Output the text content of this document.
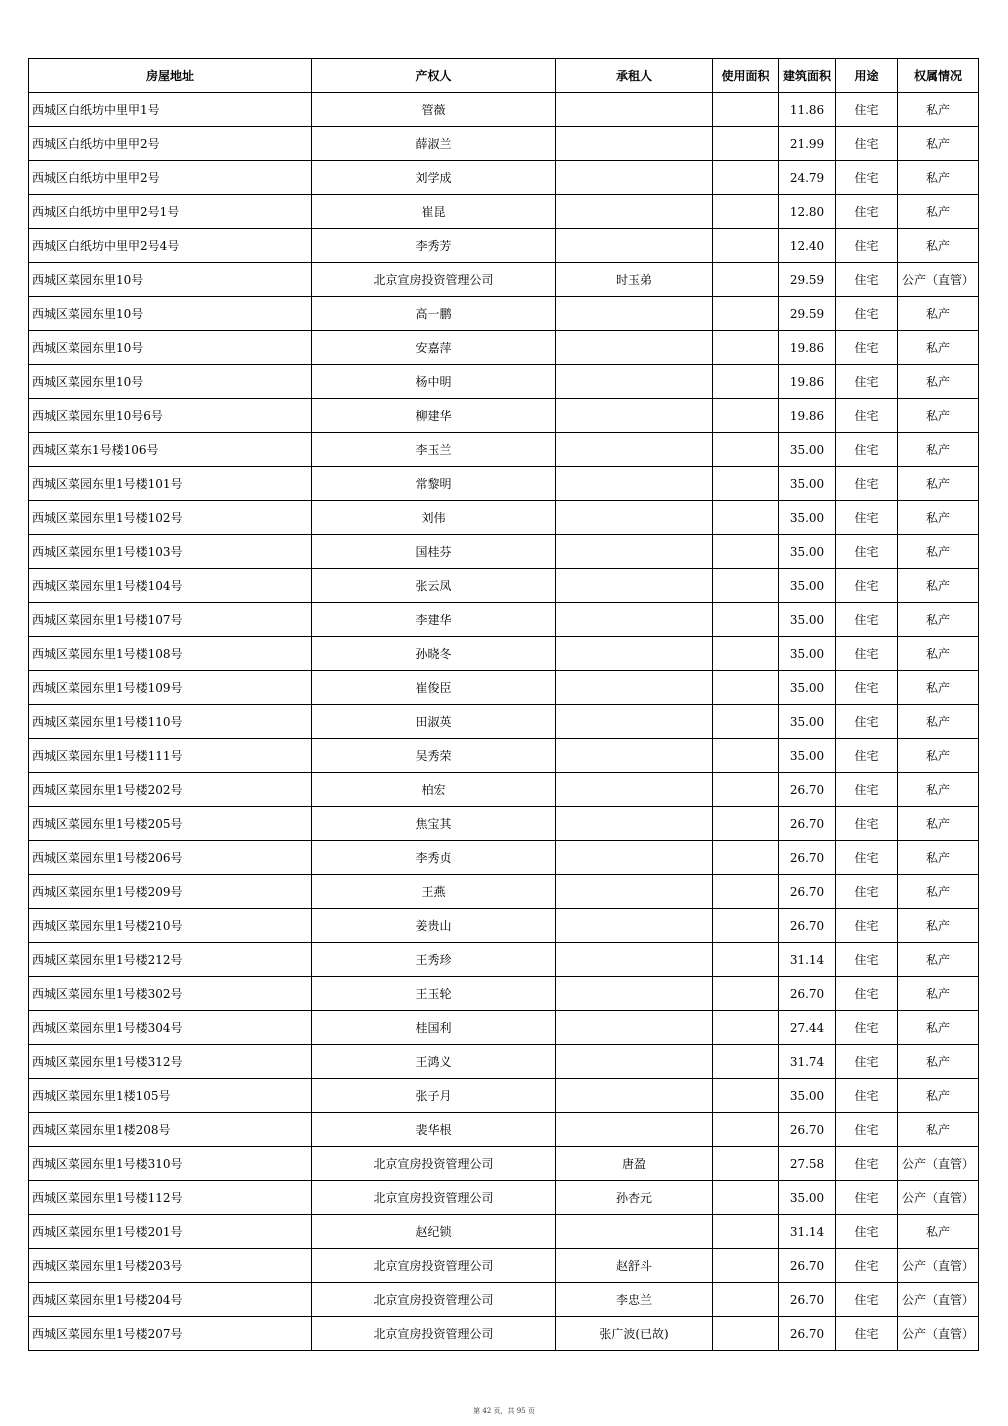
房屋地址	产权人	承租人	使用面积	建筑面积	用途	权属情况
西城区白纸坊中里甲1号	管薇			11.86	住宅	私产
西城区白纸坊中里甲2号	薛淑兰			21.99	住宅	私产
西城区白纸坊中里甲2号	刘学成			24.79	住宅	私产
西城区白纸坊中里甲2号1号	崔昆			12.80	住宅	私产
西城区白纸坊中里甲2号4号	李秀芳			12.40	住宅	私产
西城区菜园东里10号	北京宣房投资管理公司	时玉弟		29.59	住宅	公产（直管）
西城区菜园东里10号	高一鹏			29.59	住宅	私产
西城区菜园东里10号	安嘉萍			19.86	住宅	私产
西城区菜园东里10号	杨中明			19.86	住宅	私产
西城区菜园东里10号6号	柳建华			19.86	住宅	私产
西城区菜东1号楼106号	李玉兰			35.00	住宅	私产
西城区菜园东里1号楼101号	常黎明			35.00	住宅	私产
西城区菜园东里1号楼102号	刘伟			35.00	住宅	私产
西城区菜园东里1号楼103号	国桂芬			35.00	住宅	私产
西城区菜园东里1号楼104号	张云凤			35.00	住宅	私产
西城区菜园东里1号楼107号	李建华			35.00	住宅	私产
西城区菜园东里1号楼108号	孙晓冬			35.00	住宅	私产
西城区菜园东里1号楼109号	崔俊臣			35.00	住宅	私产
西城区菜园东里1号楼110号	田淑英			35.00	住宅	私产
西城区菜园东里1号楼111号	吴秀荣			35.00	住宅	私产
西城区菜园东里1号楼202号	柏宏			26.70	住宅	私产
西城区菜园东里1号楼205号	焦宝其			26.70	住宅	私产
西城区菜园东里1号楼206号	李秀贞			26.70	住宅	私产
西城区菜园东里1号楼209号	王燕			26.70	住宅	私产
西城区菜园东里1号楼210号	姜贵山			26.70	住宅	私产
西城区菜园东里1号楼212号	王秀珍			31.14	住宅	私产
西城区菜园东里1号楼302号	王玉轮			26.70	住宅	私产
西城区菜园东里1号楼304号	桂国利			27.44	住宅	私产
西城区菜园东里1号楼312号	王鸿义			31.74	住宅	私产
西城区菜园东里1楼105号	张子月			35.00	住宅	私产
西城区菜园东里1楼208号	裴华根			26.70	住宅	私产
西城区菜园东里1号楼310号	北京宣房投资管理公司	唐盈		27.58	住宅	公产（直管）
西城区菜园东里1号楼112号	北京宣房投资管理公司	孙杏元		35.00	住宅	公产（直管）
西城区菜园东里1号楼201号	赵纪锁			31.14	住宅	私产
西城区菜园东里1号楼203号	北京宣房投资管理公司	赵舒斗		26.70	住宅	公产（直管）
西城区菜园东里1号楼204号	北京宣房投资管理公司	李忠兰		26.70	住宅	公产（直管）
西城区菜园东里1号楼207号	北京宣房投资管理公司	张广波(已故)		26.70	住宅	公产（直管）
第 42 页，共 95 页
